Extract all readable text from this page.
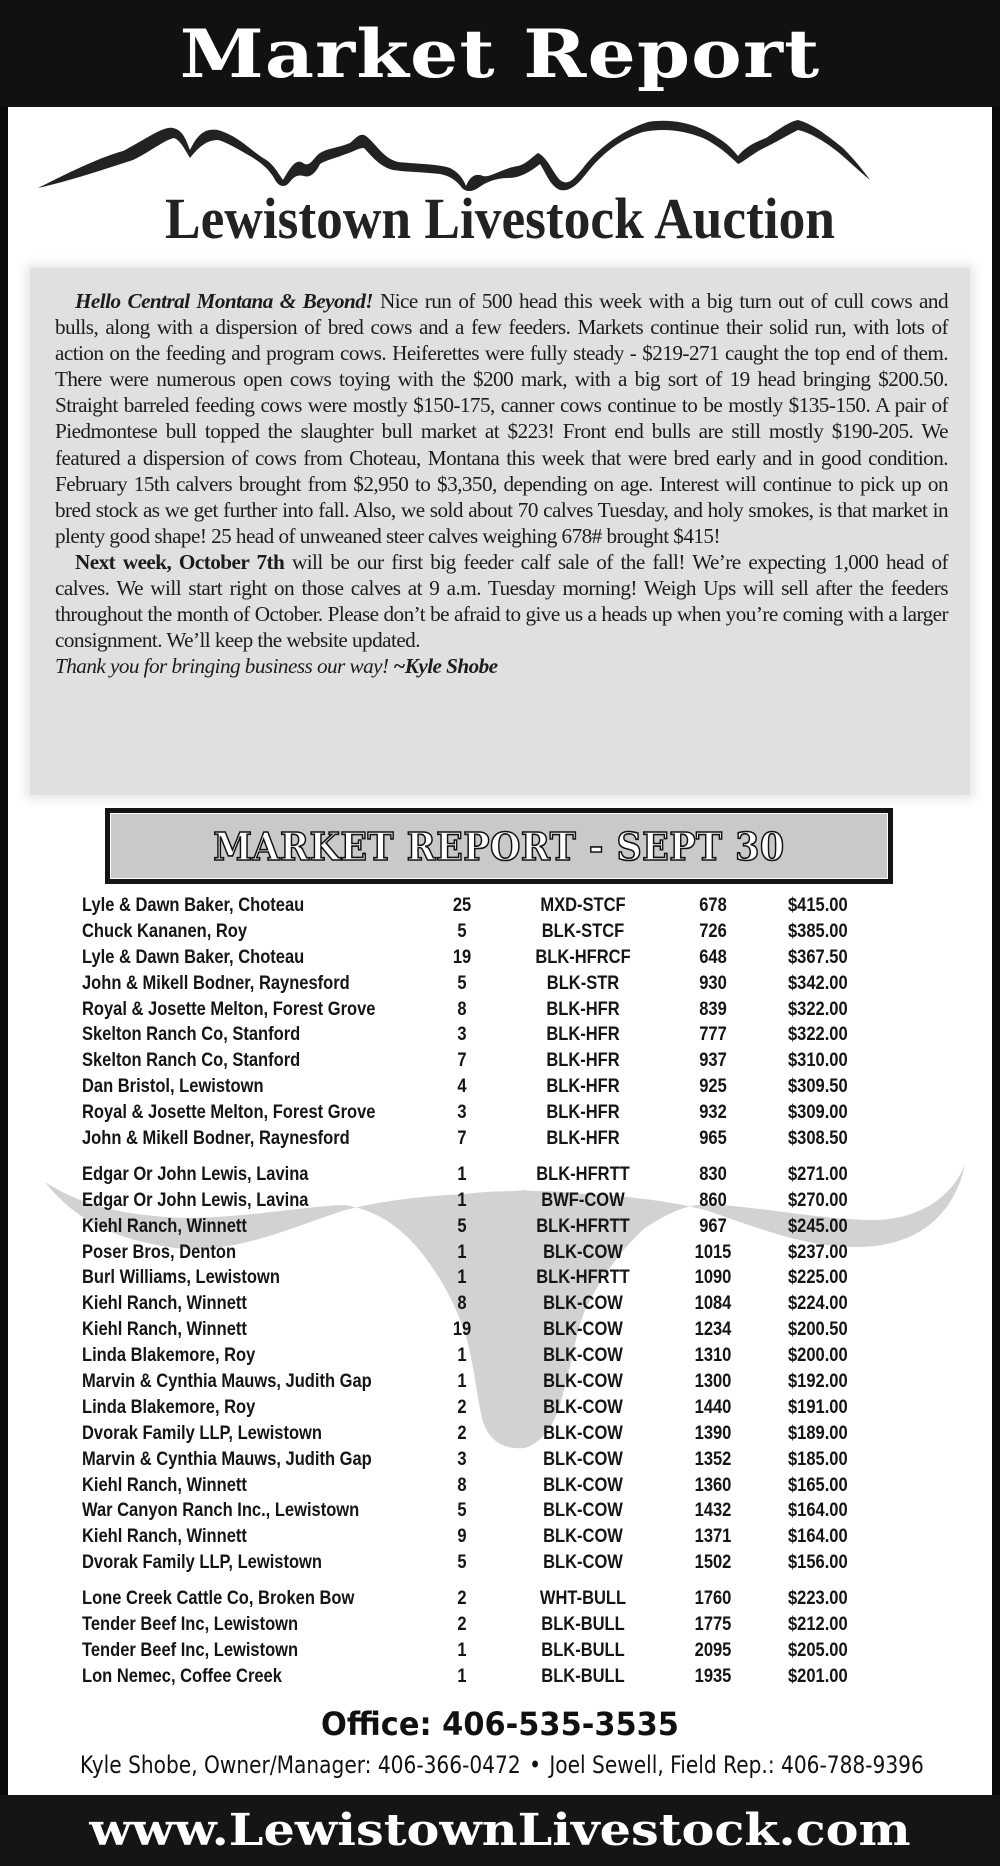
Market Report
Lewistown Livestock Auction

Hello Central Montana & Beyond! Nice run of 500 head this week with a big turn out of cull cows and bulls, along with a dispersion of bred cows and a few feeders. Markets continue their solid run, with lots of action on the feeding and program cows. Heiferettes were fully steady - $219-271 caught the top end of them. There were numerous open cows toying with the $200 mark, with a big sort of 19 head bringing $200.50. Straight barreled feeding cows were mostly $150-175, canner cows continue to be mostly $135-150. A pair of Piedmontese bull topped the slaughter bull market at $223! Front end bulls are still mostly $190-205. We featured a dispersion of cows from Choteau, Montana this week that were bred early and in good condition. February 15th calvers brought from $2,950 to $3,350, depending on age. Interest will continue to pick up on bred stock as we get further into fall. Also, we sold about 70 calves Tuesday, and holy smokes, is that market in plenty good shape! 25 head of unweaned steer calves weighing 678# brought $415!

Next week, October 7th will be our first big feeder calf sale of the fall! We’re expecting 1,000 head of calves. We will start right on those calves at 9 a.m. Tuesday morning! Weigh Ups will sell after the feeders throughout the month of October. Please don’t be afraid to give us a heads up when you’re coming with a larger consignment. We’ll keep the website updated.
Thank you for bringing business our way! ~Kyle Shobe

MARKET REPORT - SEPT 30
Lyle & Dawn Baker, Choteau	25	MXD-STCF	678	$415.00
Chuck Kananen, Roy	5	BLK-STCF	726	$385.00
Lyle & Dawn Baker, Choteau	19	BLK-HFRCF	648	$367.50
John & Mikell Bodner, Raynesford	5	BLK-STR	930	$342.00
Royal & Josette Melton, Forest Grove	8	BLK-HFR	839	$322.00
Skelton Ranch Co, Stanford	3	BLK-HFR	777	$322.00
Skelton Ranch Co, Stanford	7	BLK-HFR	937	$310.00
Dan Bristol, Lewistown	4	BLK-HFR	925	$309.50
Royal & Josette Melton, Forest Grove	3	BLK-HFR	932	$309.00
John & Mikell Bodner, Raynesford	7	BLK-HFR	965	$308.50
Edgar Or John Lewis, Lavina	1	BLK-HFRTT	830	$271.00
Edgar Or John Lewis, Lavina	1	BWF-COW	860	$270.00
Kiehl Ranch, Winnett	5	BLK-HFRTT	967	$245.00
Poser Bros, Denton	1	BLK-COW	1015	$237.00
Burl Williams, Lewistown	1	BLK-HFRTT	1090	$225.00
Kiehl Ranch, Winnett	8	BLK-COW	1084	$224.00
Kiehl Ranch, Winnett	19	BLK-COW	1234	$200.50
Linda Blakemore, Roy	1	BLK-COW	1310	$200.00
Marvin & Cynthia Mauws, Judith Gap	1	BLK-COW	1300	$192.00
Linda Blakemore, Roy	2	BLK-COW	1440	$191.00
Dvorak Family LLP, Lewistown	2	BLK-COW	1390	$189.00
Marvin & Cynthia Mauws, Judith Gap	3	BLK-COW	1352	$185.00
Kiehl Ranch, Winnett	8	BLK-COW	1360	$165.00
War Canyon Ranch Inc., Lewistown	5	BLK-COW	1432	$164.00
Kiehl Ranch, Winnett	9	BLK-COW	1371	$164.00
Dvorak Family LLP, Lewistown	5	BLK-COW	1502	$156.00
Lone Creek Cattle Co, Broken Bow	2	WHT-BULL	1760	$223.00
Tender Beef Inc, Lewistown	2	BLK-BULL	1775	$212.00
Tender Beef Inc, Lewistown	1	BLK-BULL	2095	$205.00
Lon Nemec, Coffee Creek	1	BLK-BULL	1935	$201.00
Office: 406-535-3535
Kyle Shobe, Owner/Manager: 406-366-0472 • Joel Sewell, Field Rep.: 406-788-9396
www.LewistownLivestock.com
